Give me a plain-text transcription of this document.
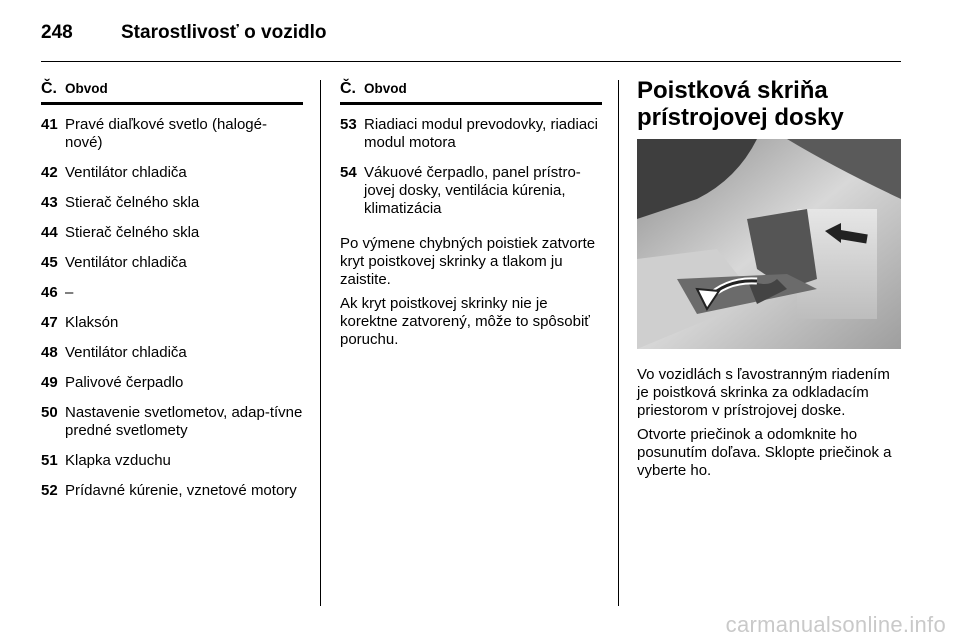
248	Starostlivosť o vozidlo
Č. Obvod
41 Pravé diaľkové svetlo (halogé-nové)
42 Ventilátor chladiča
43 Stierač čelného skla
44 Stierač čelného skla
45 Ventilátor chladiča
46 –
47 Klaksón
48 Ventilátor chladiča
49 Palivové čerpadlo
50 Nastavenie svetlometov, adap-tívne predné svetlomety
51 Klapka vzduchu
52 Prídavné kúrenie, vznetové motory
Č. Obvod
53 Riadiaci modul prevodovky, riadiaci modul motora
54 Vákuové čerpadlo, panel prístro-jovej dosky, ventilácia kúrenia, klimatizácia

Po výmene chybných poistiek zatvorte kryt poistkovej skrinky a tlakom ju zaistite.

Ak kryt poistkovej skrinky nie je korektne zatvorený, môže to spôsobiť poruchu.

Poistková skriňa prístrojovej dosky

Vo vozidlách s ľavostranným riadením je poistková skrinka za odkladacím priestorom v prístrojovej doske.

Otvorte priečinok a odomknite ho posunutím doľava. Sklopte priečinok a vyberte ho.

carmanualsonline.info
